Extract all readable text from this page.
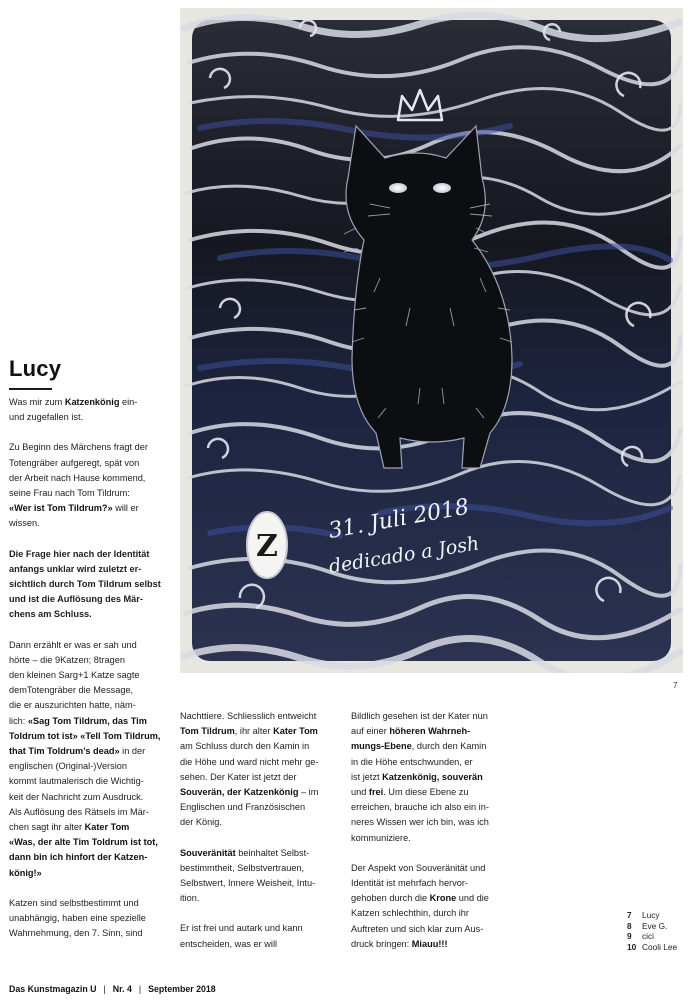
Lucy

Was mir zum Katzenkönig ein-
und zugefallen ist.

Zu Beginn des Märchens fragt der
Totengräber aufgeregt, spät von
der Arbeit nach Hause kommend,
seine Frau nach Tom Tildrum:
«Wer ist Tom Tildrum?» will er
wissen.

Die Frage hier nach der Identität
anfangs unklar wird zuletzt er-
sichtlich durch Tom Tildrum selbst
und ist die Auflösung des Mär-
chens am Schluss.

Dann erzählt er was er sah und
hörte – die 9Katzen; 8tragen
den kleinen Sarg+1 Katze sagte
demTotengräber die Message,
die er auszurichten hatte, näm-
lich: «Sag Tom Tildrum, das Tim
Toldrum tot ist» «Tell Tom Tildrum,
that Tim Toldrum’s dead» in der
englischen (Original-)Version
kommt lautmalerisch die Wichtig-
keit der Nachricht zum Ausdruck.
Als Auflösung des Rätsels im Mär-
chen sagt ihr alter Kater Tom
«Was, der alte Tim Toldrum ist tot, dann bin ich hinfort der Katzen- könig!»

Katzen sind selbstbestimmt und
unabhängig, haben eine spezielle
Wahrnehmung, den 7. Sinn, sind

Nachttiere. Schliesslich entweicht
Tom Tildrum, ihr alter Kater Tom
am Schluss durch den Kamin in
die Höhe und ward nicht mehr ge-
sehen. Der Kater ist jetzt der
Souverän, der Katzenkönig – im
Englischen und Französischen
der König.

Souveränität beinhaltet Selbst-
bestimmtheit, Selbstvertrauen,
Selbstwert, Innere Weisheit, Intu-
ition.

Er ist frei und autark und kann
entscheiden, was er will

Bildlich gesehen ist der Kater nun
auf einer höheren Wahrneh-
mungs-Ebene, durch den Kamin
in die Höhe entschwunden, er
ist jetzt Katzenkönig, souverän
und frei. Um diese Ebene zu
erreichen, brauche ich also ein in-
neres Wissen wer ich bin, was ich
kommuniziere.

Der Aspekt von Souveränität und
Identität ist mehrfach hervor-
gehoben durch die Krone und die
Katzen schlechthin, durch ihr
Auftreten und sich klar zum Aus-
druck bringen: Miauu!!!

31. Juli 2018
dedicado a Josh
Z
7
7 Lucy
8 Eve G.
9 cici
10 Cooli Lee
Das Kunstmagazin U | Nr. 4 | September 2018
